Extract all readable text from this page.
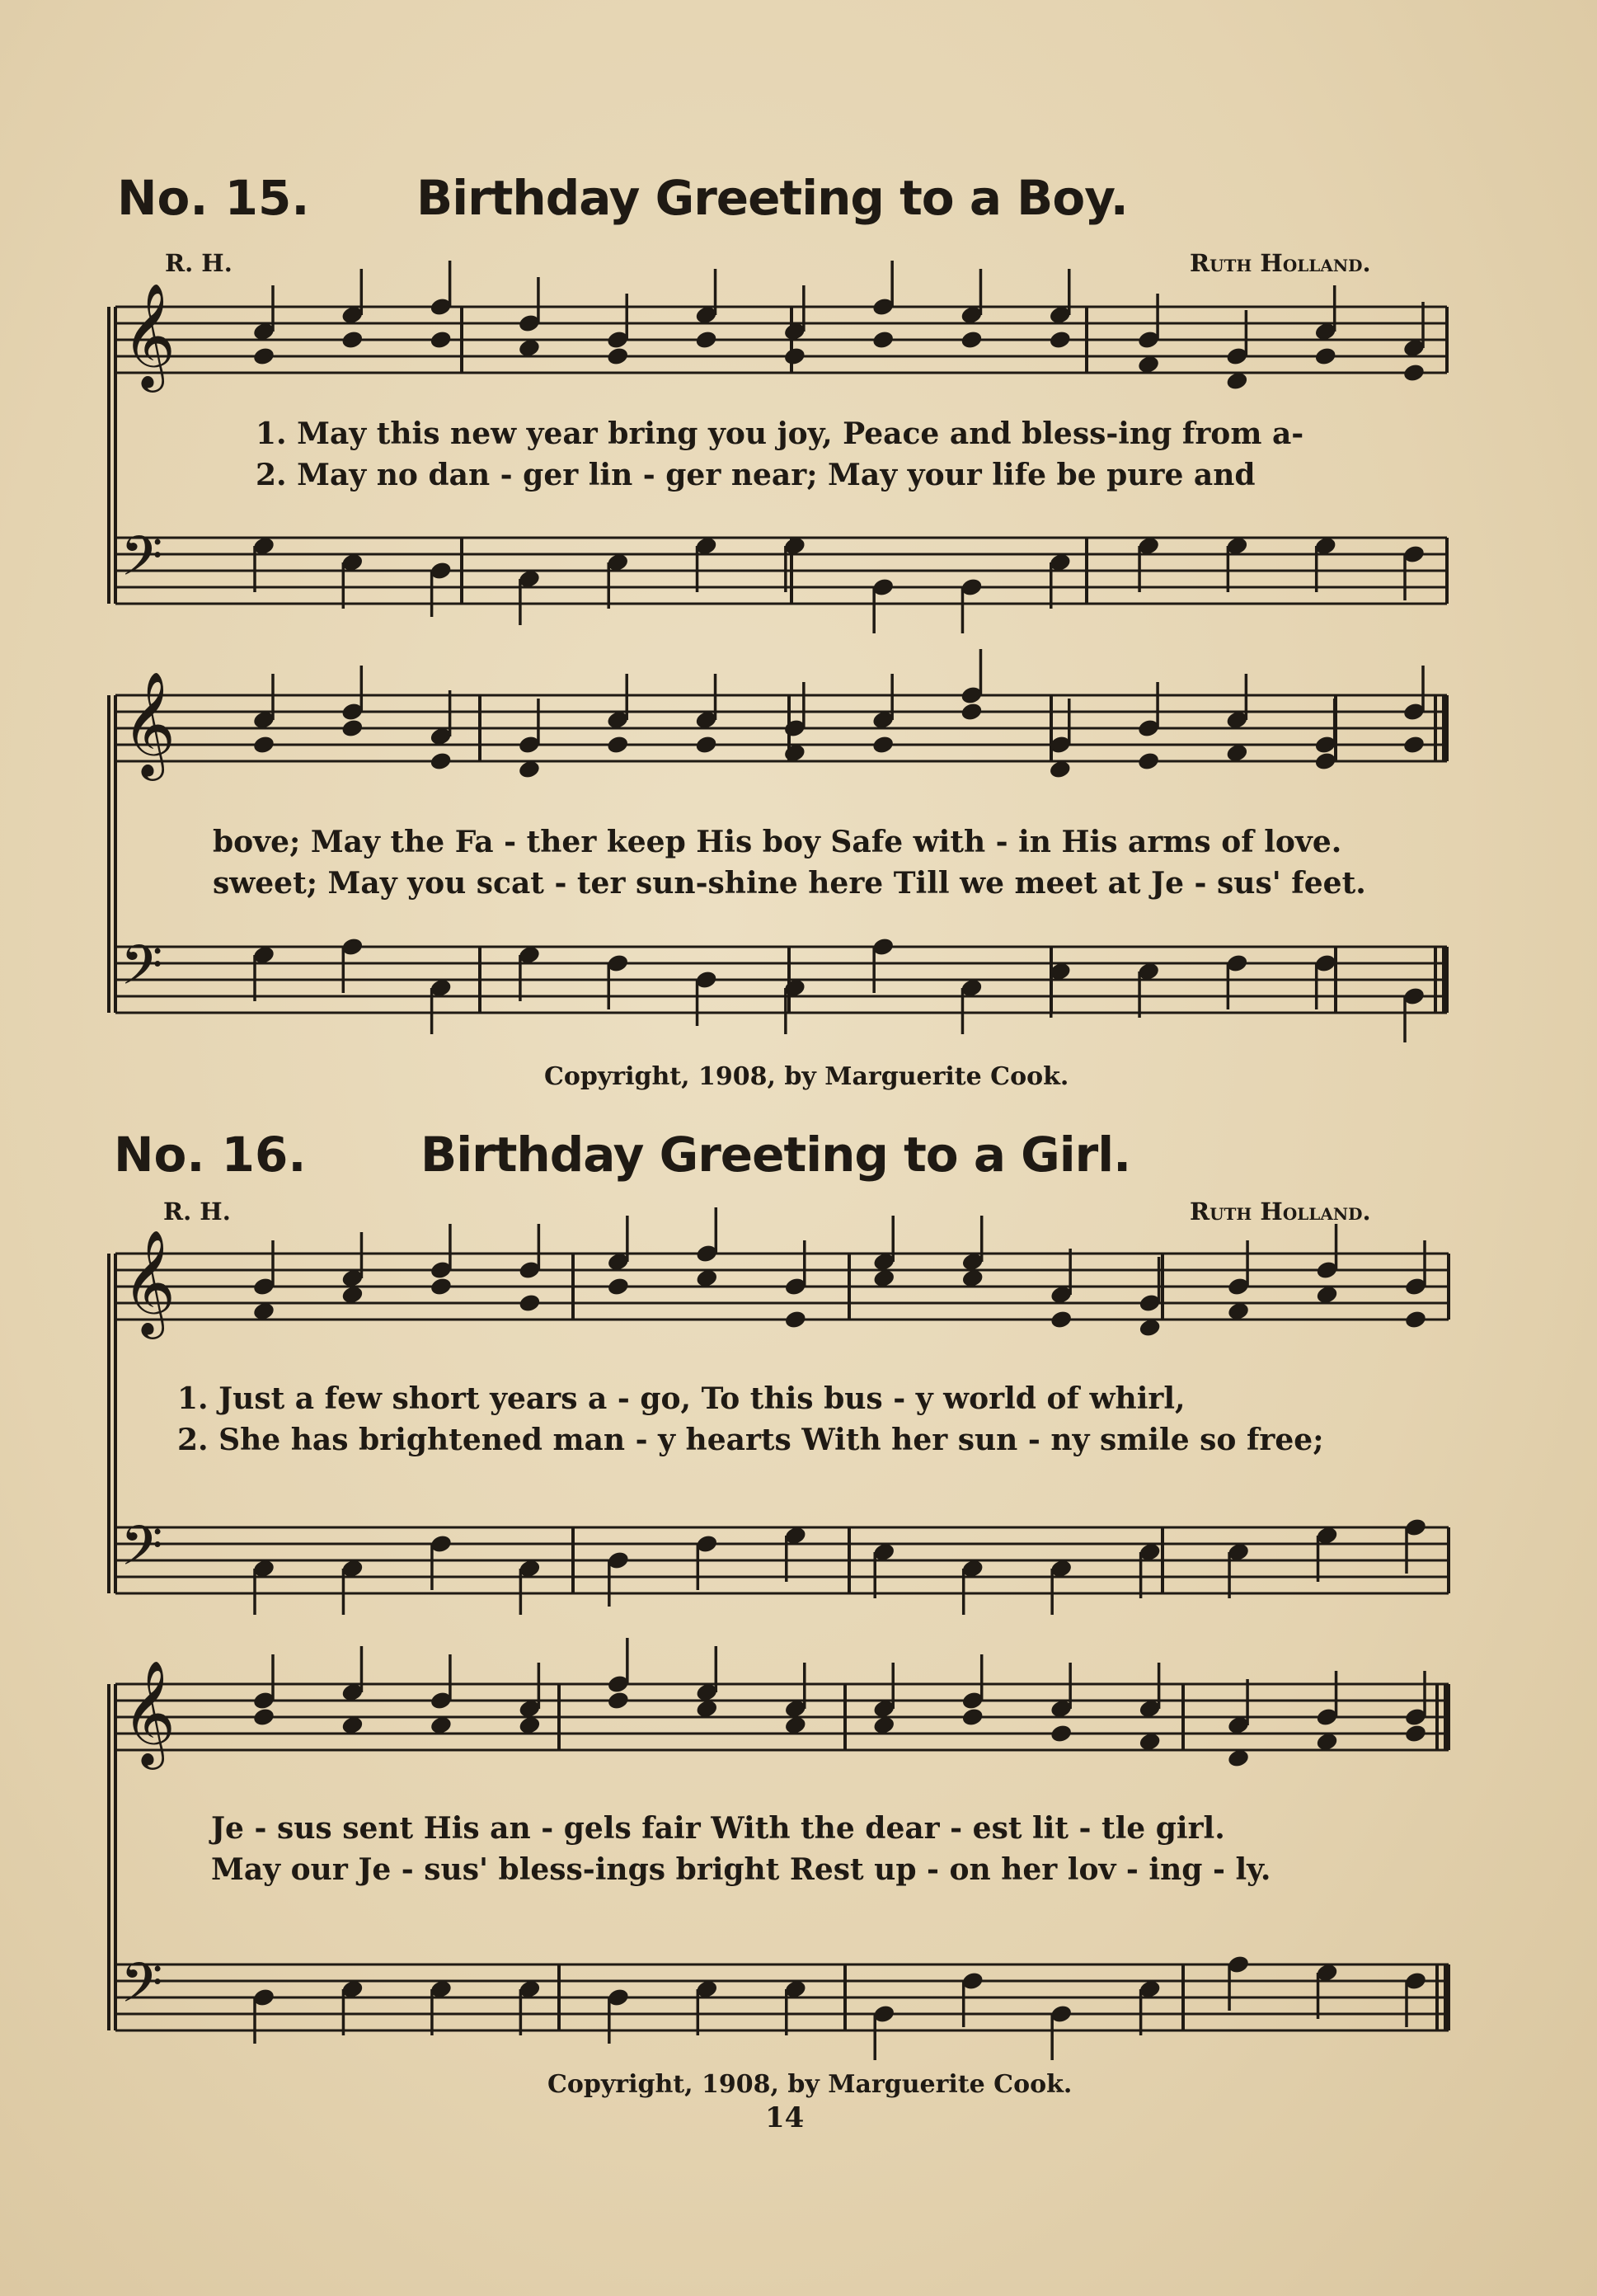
No. 15. Birthday Greeting to a Boy.
R. H.	Ruth Holland.
1. May this new year bring you joy, Peace and bless-ing from a-
2. May no dan - ger lin - ger near; May your life be pure and
bove; May the Fa - ther keep His boy Safe with - in His arms of love.
sweet; May you scat - ter sun-shine here Till we meet at Je - sus' feet.
Copyright, 1908, by Marguerite Cook.
No. 16. Birthday Greeting to a Girl.
R. H.	Ruth Holland.
1. Just a few short years a - go, To this bus - y world of whirl,
2. She has brightened man - y hearts With her sun - ny smile so free;
Je - sus sent His an - gels fair With the dear - est lit - tle girl.
May our Je - sus' bless-ings bright Rest up - on her lov - ing - ly.
Copyright, 1908, by Marguerite Cook.
14
𝄞
𝄢
𝄞
𝄢
𝄞
𝄢
𝄞
𝄢
